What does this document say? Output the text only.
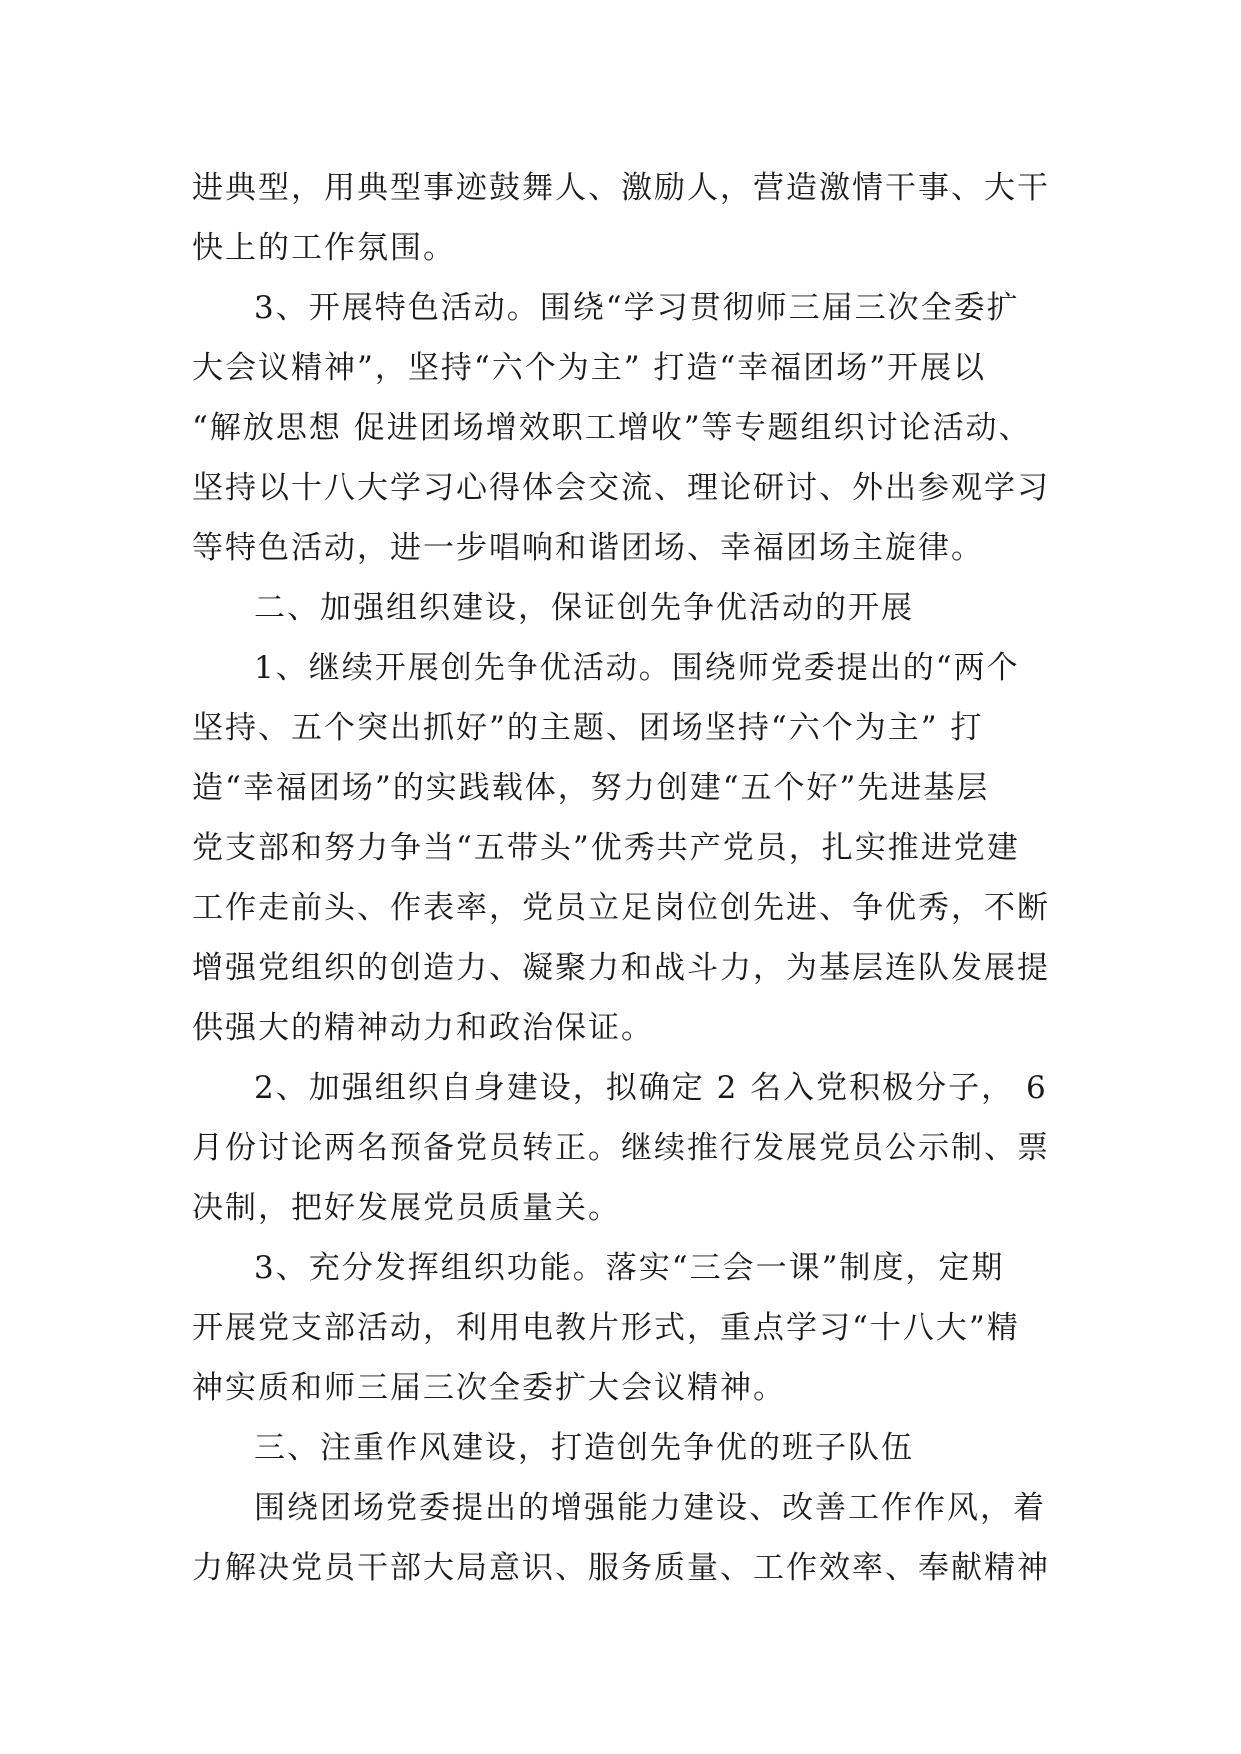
进典型，用典型事迹鼓舞人、激励人，营造激情干事、大干
快上的工作氛围。
3、开展特色活动。围绕“学习贯彻师三届三次全委扩
大会议精神”，坚持“六个为主” 打造“幸福团场”开展以
“解放思想 促进团场增效职工增收”等专题组织讨论活动、
坚持以十八大学习心得体会交流、理论研讨、外出参观学习
等特色活动，进一步唱响和谐团场、幸福团场主旋律。
二、加强组织建设，保证创先争优活动的开展
1、继续开展创先争优活动。围绕师党委提出的“两个
坚持、五个突出抓好”的主题、团场坚持“六个为主” 打
造“幸福团场”的实践载体，努力创建“五个好”先进基层
党支部和努力争当“五带头”优秀共产党员，扎实推进党建
工作走前头、作表率，党员立足岗位创先进、争优秀，不断
增强党组织的创造力、凝聚力和战斗力，为基层连队发展提
供强大的精神动力和政治保证。
2、加强组织自身建设，拟确定 2 名入党积极分子， 6
月份讨论两名预备党员转正。继续推行发展党员公示制、票
决制，把好发展党员质量关。
3、充分发挥组织功能。落实“三会一课”制度，定期
开展党支部活动，利用电教片形式，重点学习“十八大”精
神实质和师三届三次全委扩大会议精神。
三、注重作风建设，打造创先争优的班子队伍
围绕团场党委提出的增强能力建设、改善工作作风，着
力解决党员干部大局意识、服务质量、工作效率、奉献精神
